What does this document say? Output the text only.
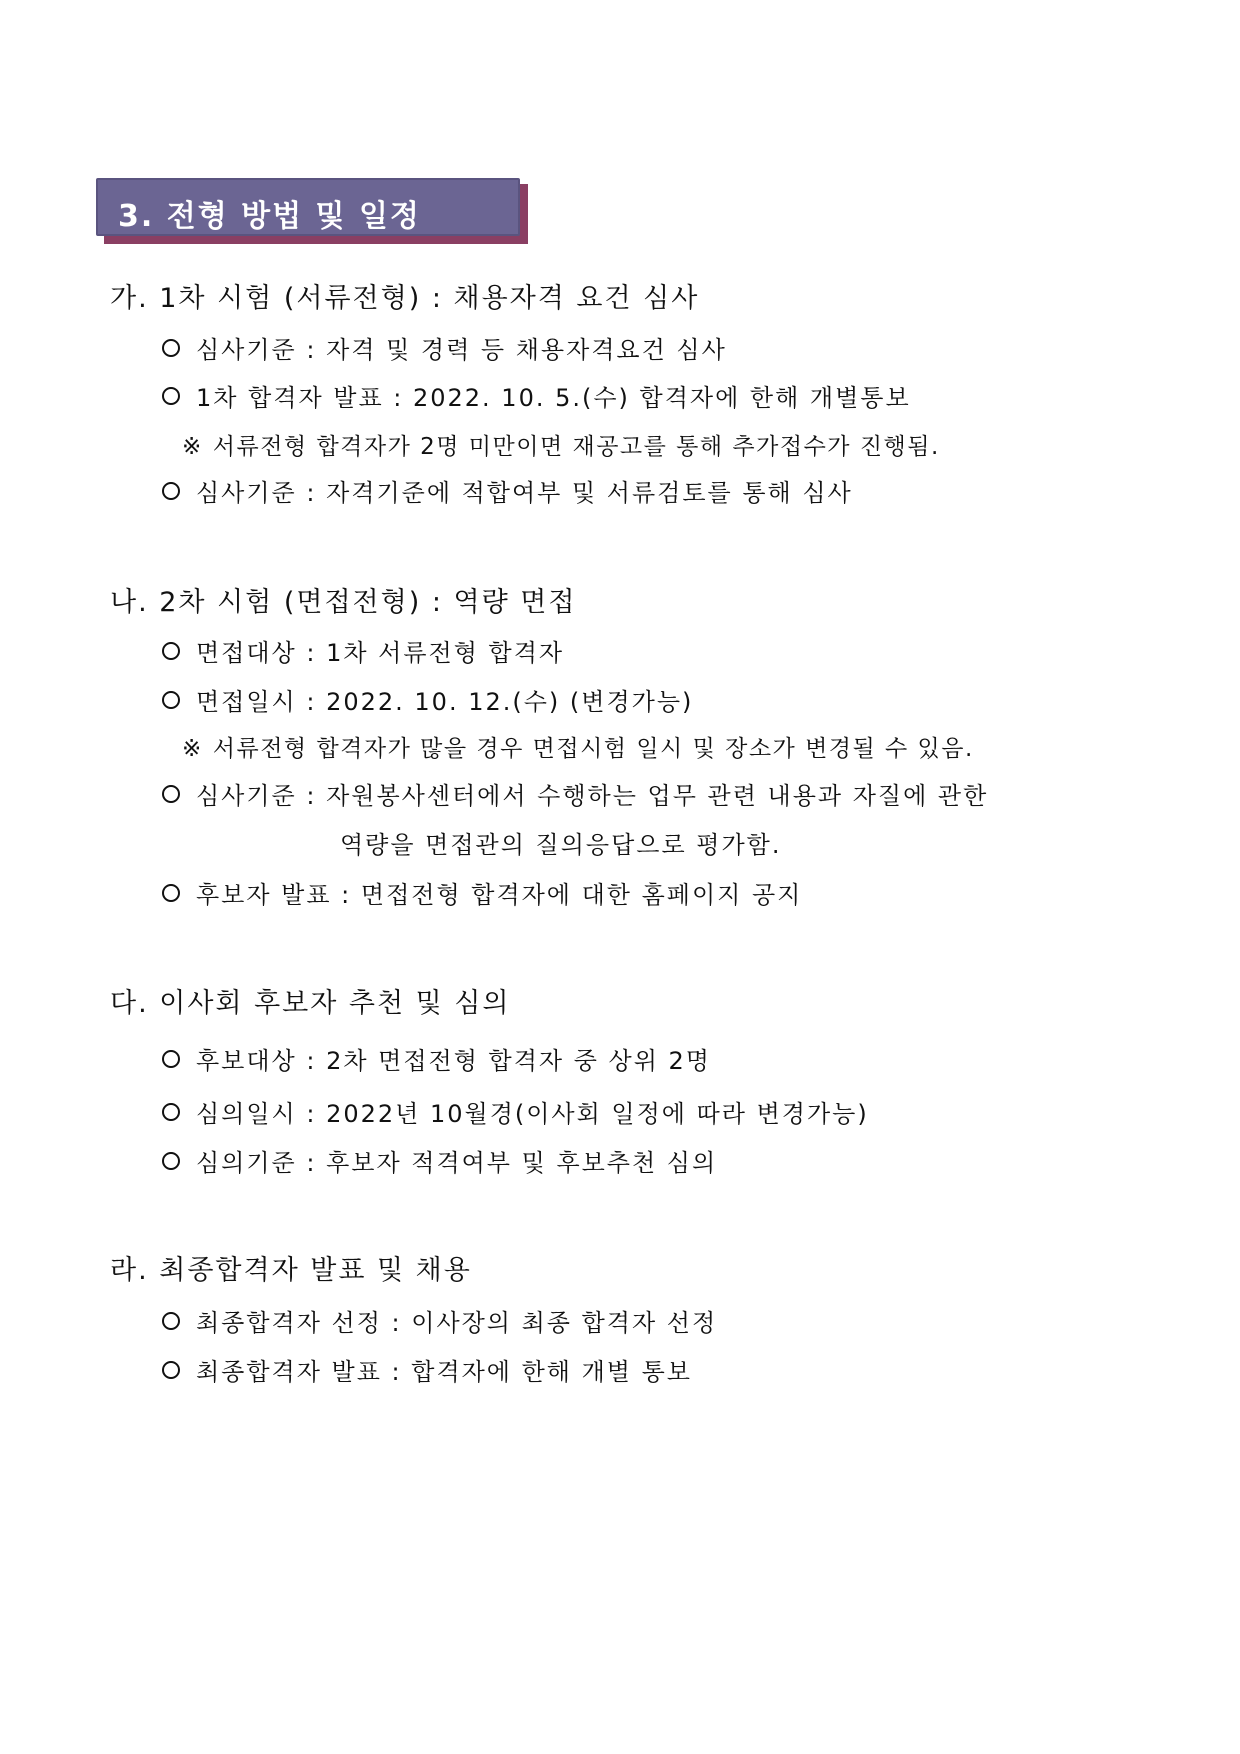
3. 전형 방법 및 일정
가. 1차 시험 (서류전형) : 채용자격 요건 심사
심사기준 : 자격 및 경력 등 채용자격요건 심사
1차 합격자 발표 : 2022. 10. 5.(수) 합격자에 한해 개별통보
※ 서류전형 합격자가 2명 미만이면 재공고를 통해 추가접수가 진행됨.
심사기준 : 자격기준에 적합여부 및 서류검토를 통해 심사
나. 2차 시험 (면접전형) : 역량 면접
면접대상 : 1차 서류전형 합격자
면접일시 : 2022. 10. 12.(수) (변경가능)
※ 서류전형 합격자가 많을 경우 면접시험 일시 및 장소가 변경될 수 있음.
심사기준 : 자원봉사센터에서 수행하는 업무 관련 내용과 자질에 관한
역량을 면접관의 질의응답으로 평가함.
후보자 발표 : 면접전형 합격자에 대한 홈페이지 공지
다. 이사회 후보자 추천 및 심의
후보대상 : 2차 면접전형 합격자 중 상위 2명
심의일시 : 2022년 10월경(이사회 일정에 따라 변경가능)
심의기준 : 후보자 적격여부 및 후보추천 심의
라. 최종합격자 발표 및 채용
최종합격자 선정 : 이사장의 최종 합격자 선정
최종합격자 발표 : 합격자에 한해 개별 통보
